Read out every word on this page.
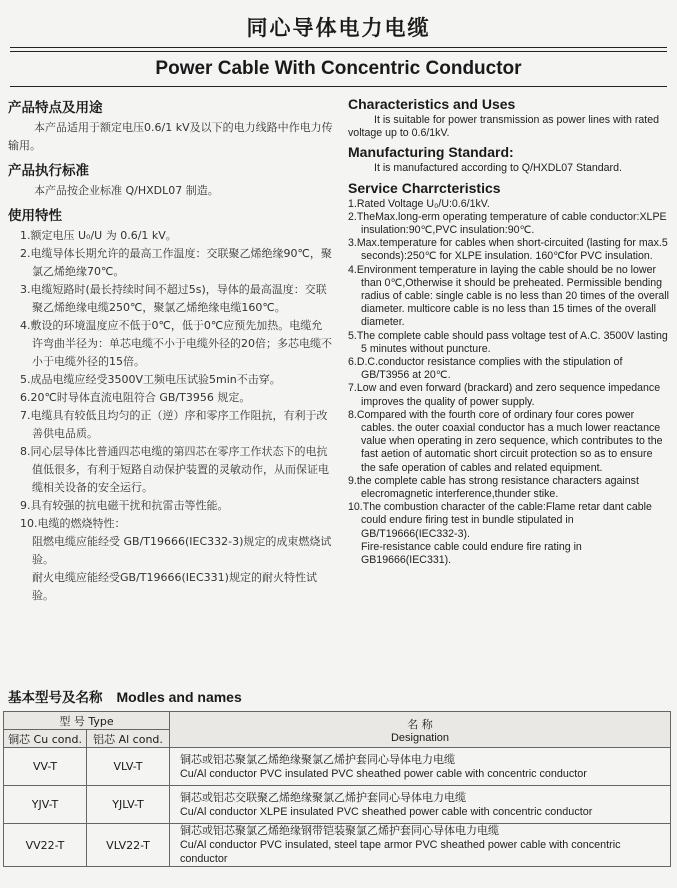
同心导体电力电缆
Power Cable With Concentric Conductor
产品特点及用途
本产品适用于额定电压0.6/1 kV及以下的电力线路中作电力传输用。
产品执行标准
本产品按企业标准 Q/HXDL07 制造。
使用特性
1.额定电压 U₀/U 为 0.6/1 kV。
2.电缆导体长期允许的最高工作温度：交联聚乙烯绝缘90℃，聚氯乙烯绝缘70℃。
3.电缆短路时(最长持续时间不超过5s)，导体的最高温度：交联聚乙烯绝缘电缆250℃，聚氯乙烯绝缘电缆160℃。
4.敷设的环境温度应不低于0℃，低于0℃应预先加热。电缆允许弯曲半径为：单芯电缆不小于电缆外径的20倍；多芯电缆不小于电缆外径的15倍。
5.成品电缆应经受3500V工频电压试验5min不击穿。
6.20℃时导体直流电阻符合 GB/T3956 规定。
7.电缆具有较低且均匀的正（逆）序和零序工作阻抗，有利于改善供电品质。
8.同心层导体比普通四芯电缆的第四芯在零序工作状态下的电抗值低很多，有利于短路自动保护装置的灵敏动作，从而保证电缆相关设备的安全运行。
9.具有较强的抗电磁干扰和抗雷击等性能。
10.电缆的燃烧特性：
阻燃电缆应能经受 GB/T19666(IEC332-3)规定的成束燃烧试验。
耐火电缆应能经受GB/T19666(IEC331)规定的耐火特性试验。
Characteristics and Uses
It is suitable for power transmission as power lines with rated voltage up to 0.6/1kV.
Manufacturing Standard:
It is manufactured according to Q/HXDL07 Standard.
Service Charrcteristics
1.Rated Voltage U₀/U:0.6/1kV.
2.TheMax.long-erm operating temperature of cable conductor:XLPE insulation:90℃,PVC insulation:90℃.
3.Max.temperature for cables when short-circuited (lasting for max.5 seconds):250℃ for XLPE insulation. 160℃for PVC insulation.
4.Environment temperature in laying the cable should be no lower than 0℃,Otherwise it should be preheated. Permissible bending radius of cable: single cable is no less than 20 times of the overall diameter. multicore cable is no less than 15 times of the overall diameter.
5.The complete cable should pass voltage test of A.C. 3500V lasting 5 minutes without puncture.
6.D.C.conductor resistance complies with the stipulation of GB/T3956 at 20℃.
7.Low and even forward (brackard) and zero sequence impedance improves the quality of power supply.
8.Compared with the fourth core of ordinary four cores power cables. the outer coaxial conductor has a much lower reactance value when operating in zero sequence, which contributes to the fast aetion of automatic short circuit protection so as to ensure the safe operation of cables and related equipment.
9.the complete cable has strong resistance characters against elecromagnetic interference,thunder stike.
10.The combustion character of the cable:Flame retar dant cable could endure firing test in bundle stipulated in GB/T19666(IEC332-3).
Fire-resistance cable could endure fire rating in GB19666(IEC331).
基本型号及名称 Modles and names
型 号 Type		名 称
Designation

铜芯 Cu cond.	铝芯 Al cond.	
VV-T	VLV-T	铜芯或铝芯聚氯乙烯绝缘聚氯乙烯护套同心导体电力电缆
Cu/Al conductor PVC insulated PVC sheathed power cable with concentric conductor

YJV-T	YJLV-T	铜芯或铝芯交联聚乙烯绝缘聚氯乙烯护套同心导体电力电缆
Cu/Al conductor XLPE insulated PVC sheathed power cable with concentric conductor

VV22-T	VLV22-T	铜芯或铝芯聚氯乙烯绝缘钢带铠装聚氯乙烯护套同心导体电力电缆
Cu/Al conductor PVC insulated, steel tape armor PVC sheathed power cable with concentric conductor
